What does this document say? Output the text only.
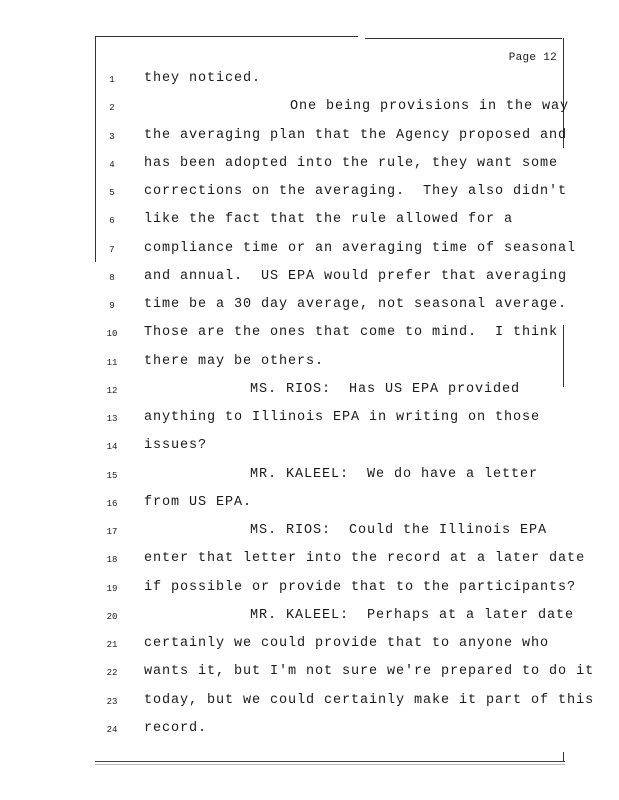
Page 12
1	they noticed.
2	One being provisions in the way
3	the averaging plan that the Agency proposed and
4	has been adopted into the rule, they want some
5	corrections on the averaging.  They also didn't
6	like the fact that the rule allowed for a
7	compliance time or an averaging time of seasonal
8	and annual.  US EPA would prefer that averaging
9	time be a 30 day average, not seasonal average.
10	Those are the ones that come to mind.  I think
11	there may be others.
12	MS. RIOS:  Has US EPA provided
13	anything to Illinois EPA in writing on those
14	issues?
15	MR. KALEEL:  We do have a letter
16	from US EPA.
17	MS. RIOS:  Could the Illinois EPA
18	enter that letter into the record at a later date
19	if possible or provide that to the participants?
20	MR. KALEEL:  Perhaps at a later date
21	certainly we could provide that to anyone who
22	wants it, but I'm not sure we're prepared to do it
23	today, but we could certainly make it part of this
24	record.
